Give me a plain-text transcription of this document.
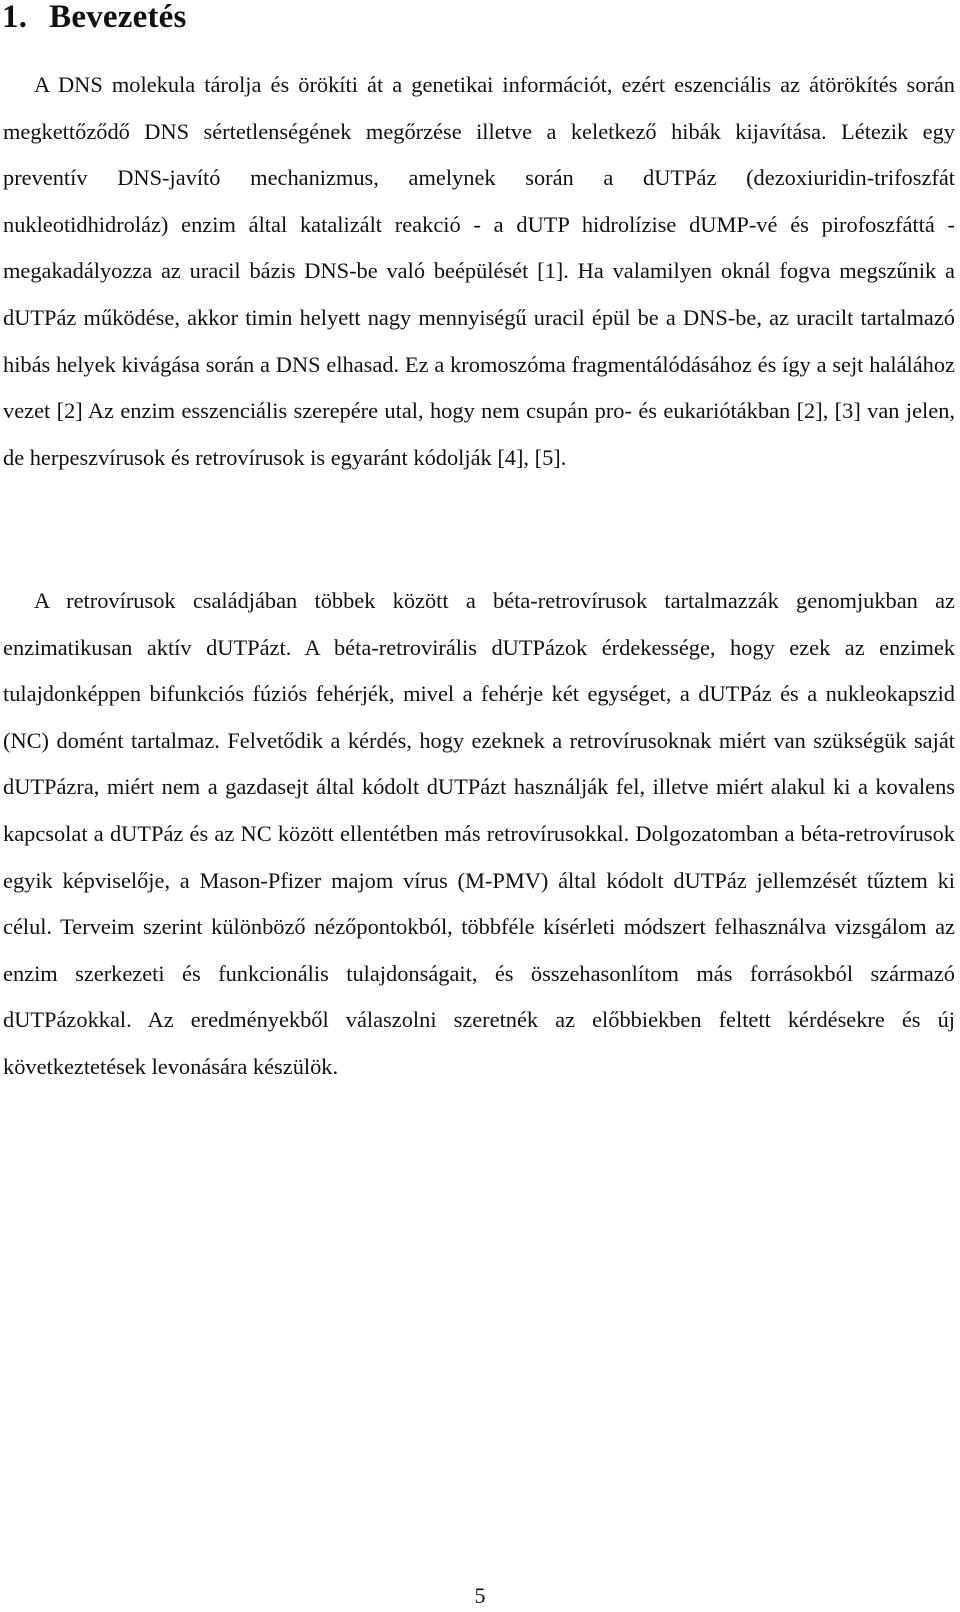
1. Bevezetés

A DNS molekula tárolja és örökíti át a genetikai információt, ezért eszenciális az átörökítés során megkettőződő DNS sértetlenségének megőrzése illetve a keletkező hibák kijavítása. Létezik egy preventív DNS-javító mechanizmus, amelynek során a dUTPáz (dezoxiuridin-trifoszfát nukleotidhidroláz) enzim által katalizált reakció - a dUTP hidrolízise dUMP-vé és pirofoszfáttá - megakadályozza az uracil bázis DNS-be való beépülését [1]. Ha valamilyen oknál fogva megszűnik a dUTPáz működése, akkor timin helyett nagy mennyiségű uracil épül be a DNS-be, az uracilt tartalmazó hibás helyek kivágása során a DNS elhasad. Ez a kromoszóma fragmentálódásához és így a sejt halálához vezet [2] Az enzim esszenciális szerepére utal, hogy nem csupán pro- és eukariótákban [2], [3] van jelen, de herpeszvírusok és retrovírusok is egyaránt kódolják [4], [5].

A retrovírusok családjában többek között a béta-retrovírusok tartalmazzák genomjukban az enzimatikusan aktív dUTPázt. A béta-retrovirális dUTPázok érdekessége, hogy ezek az enzimek tulajdonképpen bifunkciós fúziós fehérjék, mivel a fehérje két egységet, a dUTPáz és a nukleokapszid (NC) domént tartalmaz. Felvetődik a kérdés, hogy ezeknek a retrovírusoknak miért van szükségük saját dUTPázra, miért nem a gazdasejt által kódolt dUTPázt használják fel, illetve miért alakul ki a kovalens kapcsolat a dUTPáz és az NC között ellentétben más retrovírusokkal. Dolgozatomban a béta-retrovírusok egyik képviselője, a Mason-Pfizer majom vírus (M-PMV) által kódolt dUTPáz jellemzését tűztem ki célul. Terveim szerint különböző nézőpontokból, többféle kísérleti módszert felhasználva vizsgálom az enzim szerkezeti és funkcionális tulajdonságait, és összehasonlítom más forrásokból származó dUTPázokkal. Az eredményekből válaszolni szeretnék az előbbiekben feltett kérdésekre és új következtetések levonására készülök.

5
